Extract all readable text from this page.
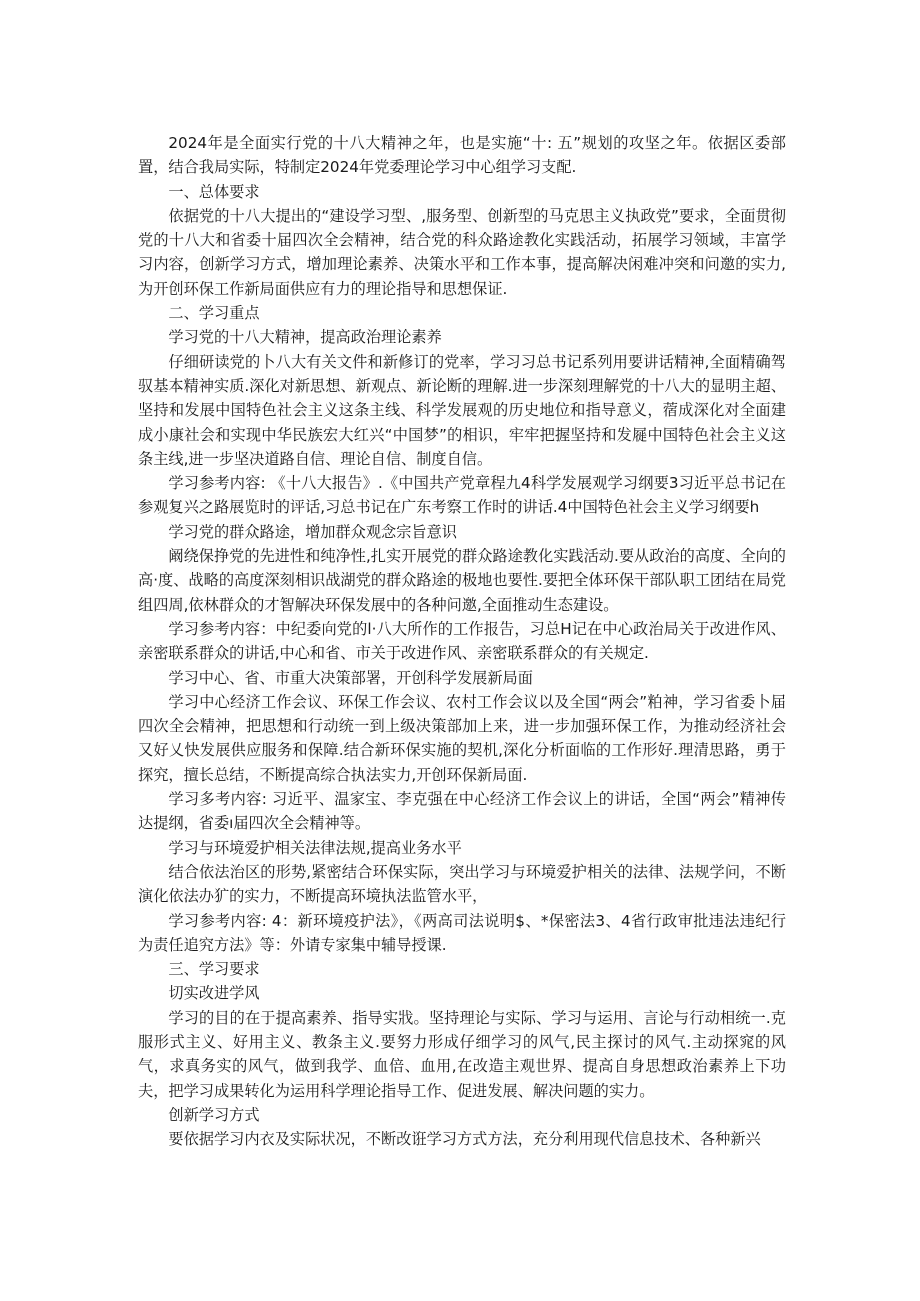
2024年是全面实行党的十八大精神之年，也是实施“十: 五”规划的攻坚之年。依据区委部置，结合我局实际，特制定2024年党委理论学习中心组学习支配.

一、总体要求

依据党的十八大提出的“建设学习型、,服务型、创新型的马克思主义执政党”要求，全面贯彻党的十八大和省委十届四次全会精神，结合党的科众路途教化实践活动，拓展学习领域，丰富学习内容，创新学习方式，增加理论素养、决策水平和工作本事，提高解决闲难冲突和问邀的实力,为开创环保工作新局面供应有力的理论指导和思想保证.

二、学习重点

学习党的十八大精神，提高政治理论素养

仔细研读党的卜八大有关文件和新修订的党率，学习习总书记系列用要讲话精神,全面精确驾驭基本精神实质.深化对新思想、新观点、新论断的理解.进一步深刻理解党的十八大的显明主超、坚持和发展中国特色社会主义这条主线、科学发展观的历史地位和指导意义，蓿成深化对全面建成小康社会和实现中华民族宏大红兴“中国梦”的相识，牢牢把握坚持和发屣中国特色社会主义这条主线,进一步坚决道路自信、理论自信、制度自信。

学习参考内容: 《十八大报告》.《中国共产党章程九4科学发展观学习纲要3习近平总书记在参观复兴之路展览时的评话,习总书记在广东考察工作时的讲话.4中国特色社会主义学习纲要h

学习党的群众路途，增加群众观念宗旨意识

阚绕保挣党的先进性和纯净性,扎实开展党的群众路途教化实践活动.要从政治的高度、全向的高·度、战略的高度深刻相识战湖党的群众路途的极地也要性.要把全体环保干部队职工团结在局党组四周,依林群众的才智解决环保发展中的各种问邀,全面推动生态建设。

学习参考内容：中纪委向党的l·八大所作的工作报告，习总H记在中心政治局关于改进作风、亲密联系群众的讲话,中心和省、市关于改进作风、亲密联系群众的有关规定.

学习中心、省、市重大决策部署，开创科学发展新局面

学习中心经济工作会议、环保工作会议、农村工作会议以及全国“两会”粕神，学习省委卜届四次全会精神，把思想和行动统一到上级决策部加上来，进一步加强环保工作，为推动经济社会又好乂快发展供应服务和保障.结合新环保实施的契机,深化分析面临的工作形好.理清思路，勇于探究，擅长总结，不断提高综合执法实力,开创环保新局面.

学习多考内容: 习近平、温家宝、李克强在中心经济工作会议上的讲话，全国“两会”精神传达提纲，省委ı届四次全会精神等。

学习与环境爱护相关法律法规,提高业务水平

结合依法治区的形势,紧密结合环保实际，突出学习与环境爱护相关的法律、法规学问，不断演化依法办犷的实力，不断提高环境执法监管水平，

学习参考内容: 4：新环境疫护法》，《两高司法说明$、*保密法3、4省行政审批违法违纪行为责任追究方法》等：外请专家集中辅导授课.

三、学习要求

切实改进学风

学习的目的在于提高素养、指导实戕。坚持理论与实际、学习与运用、言论与行动相统一.克服形式主义、好用主义、教条主义.要努力形成仔细学习的风气,民主探讨的风气.主动探窕的风气，求真务实的风气，做到我学、血倍、血用,在改造主观世界、提高自身思想政治素养上下功夫，把学习成果转化为运用科学理论指导工作、促进发展、解决问题的实力。

创新学习方式

要依据学习内衣及实际状况，不断改诳学习方式方法，充分利用现代信息技术、各种新兴
